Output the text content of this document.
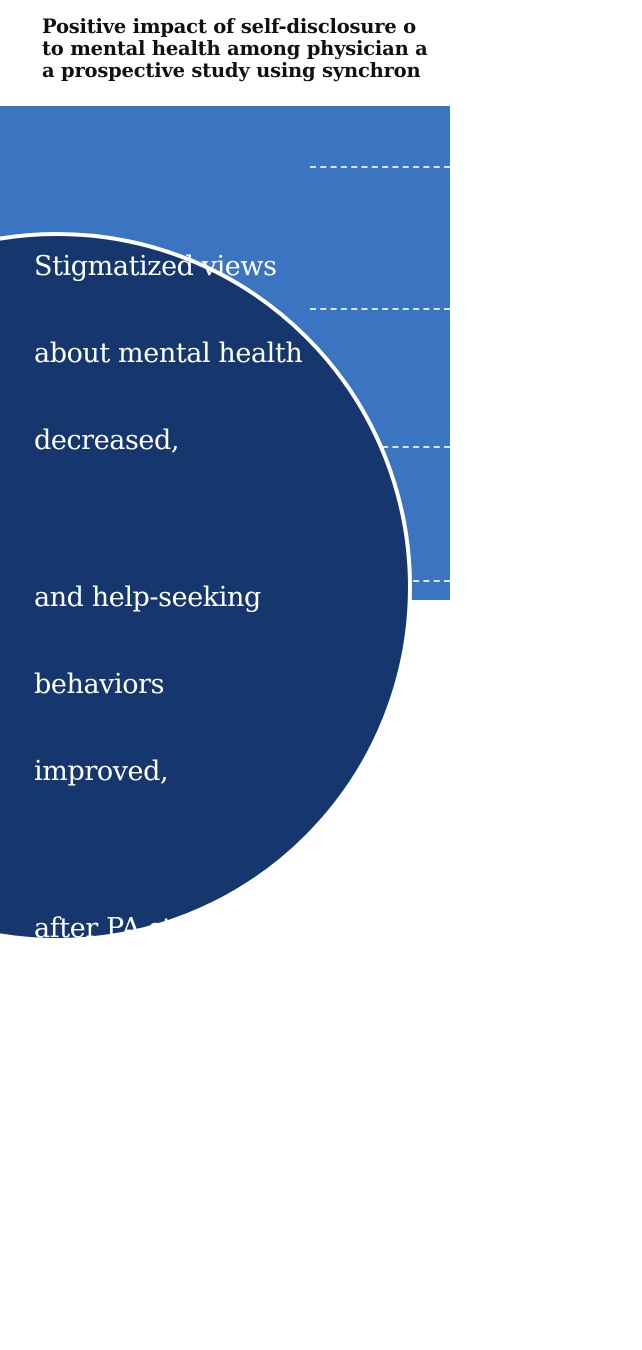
Positive impact of self-disclosure o
to mental health among physician a
a prospective study using synchron

Stigmatized views

about mental health

decreased,

and help-seeking

behaviors

improved,

after PA students

were exposed

to  self-disclosure

of lived experience

by senior faculty
